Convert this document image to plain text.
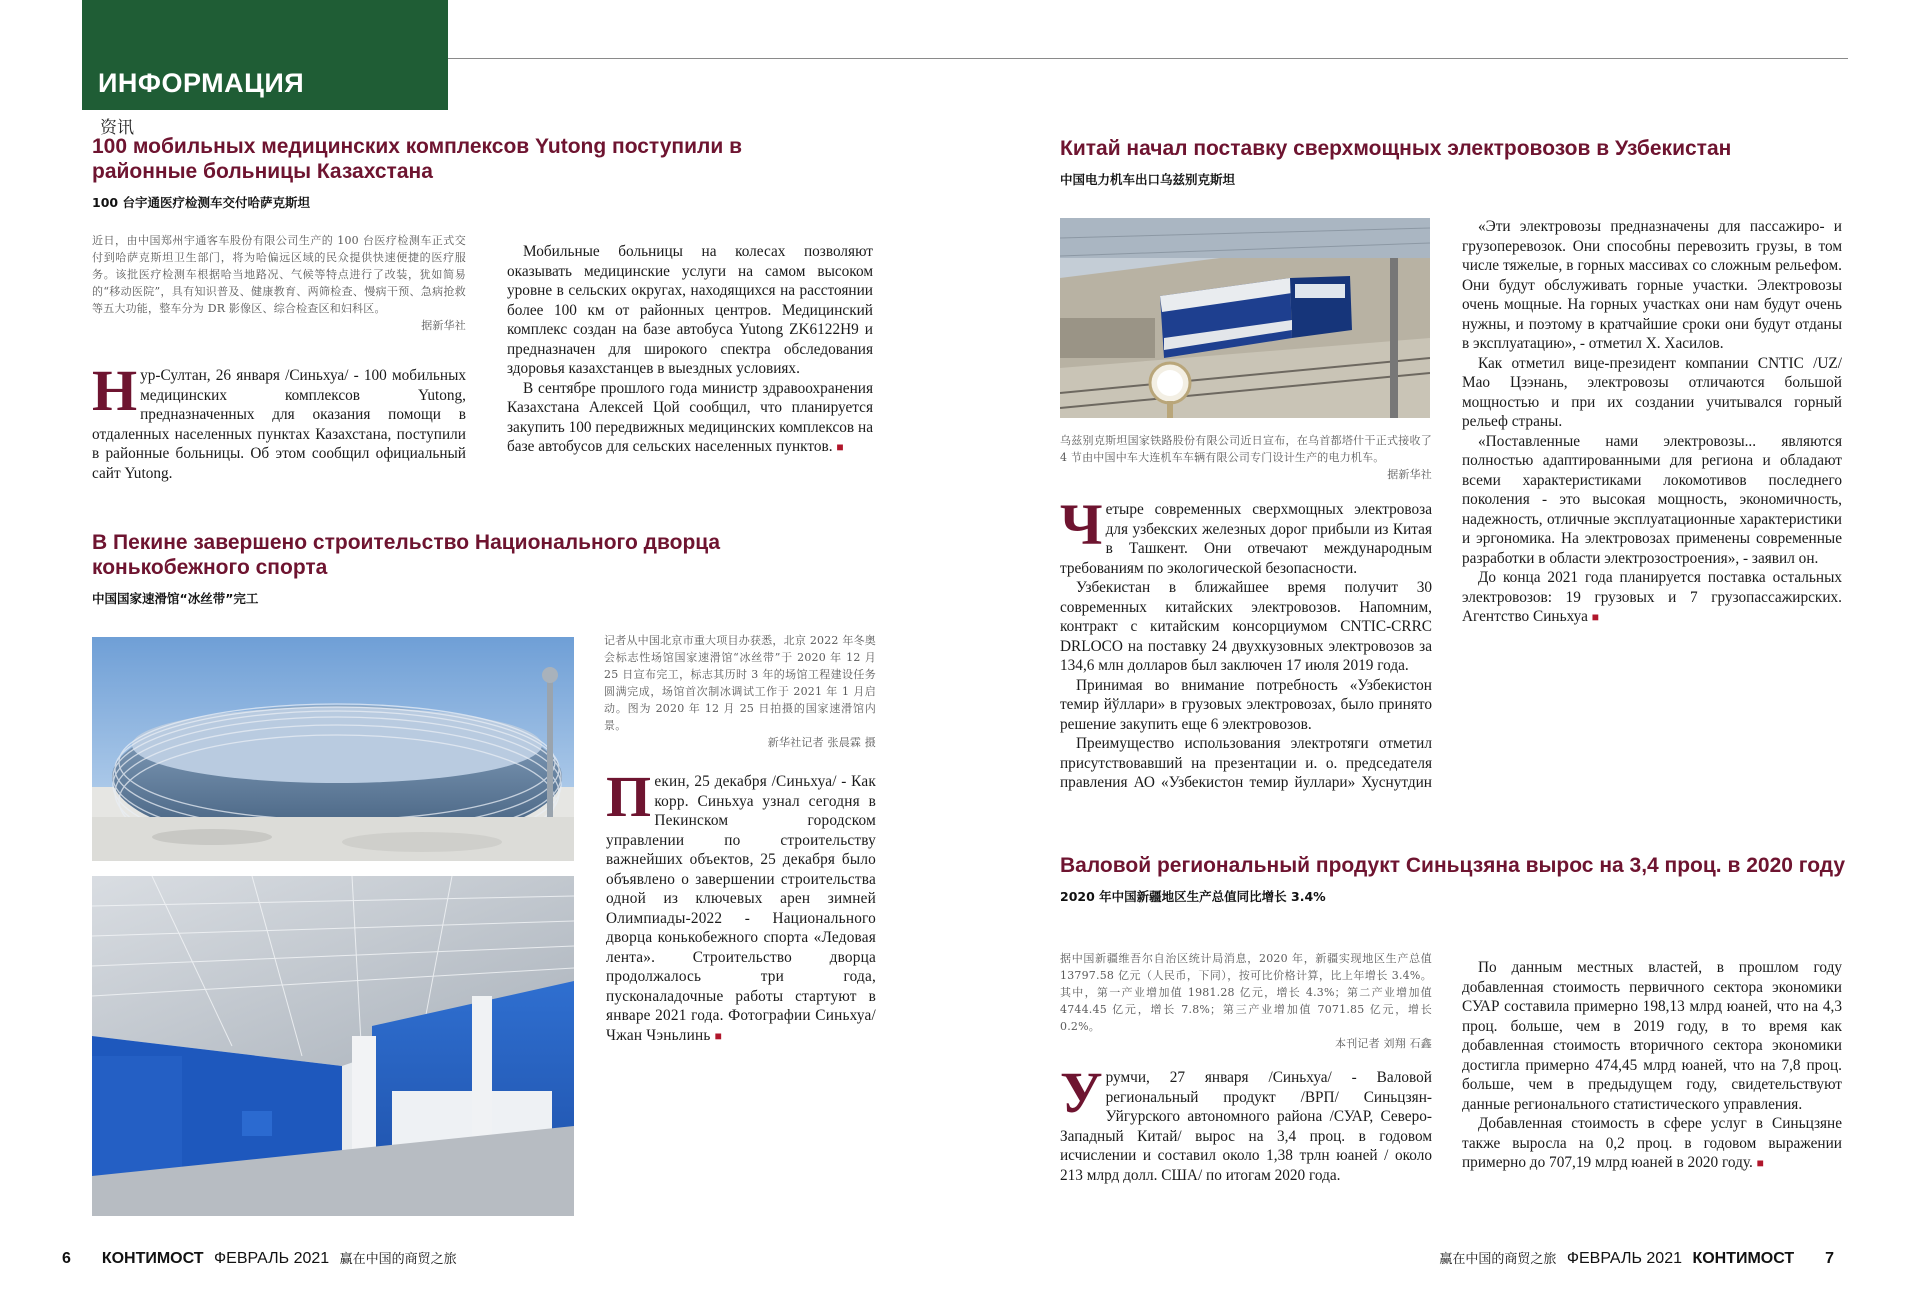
ИНФОРМАЦИЯ
资讯
100 мобильных медицинских комплексов Yutong поступили в районные больницы Казахстана
100 台宇通医疗检测车交付哈萨克斯坦

近日，由中国郑州宇通客车股份有限公司生产的 100 台医疗检测车正式交付到哈萨克斯坦卫生部门，将为哈偏远区域的民众提供快速便捷的医疗服务。该批医疗检测车根据哈当地路况、气候等特点进行了改装，犹如简易的“移动医院”，具有知识普及、健康教育、两筛检查、慢病干预、急病抢救等五大功能，整车分为 DR 影像区、综合检查区和妇科区。

据新华社

Нур-Султан, 26 января /Синьхуа/ - 100 мобильных медицинских комплексов Yutong, предназначенных для оказания помощи в отдаленных населенных пунктах Казахстана, поступили в районные больницы. Об этом сообщил официальный сайт Yutong.

Мобильные больницы на колесах позволяют оказывать медицинские услуги на самом высоком уровне в сельских округах, находящихся на расстоянии более 100 км от районных центров. Медицинский комплекс создан на базе автобуса Yutong ZK6122H9 и предназначен для широкого спектра обследования здоровья казахстанцев в выездных условиях.

В сентябре прошлого года министр здравоохранения Казахстана Алексей Цой сообщил, что планируется закупить 100 передвижных медицинских комплексов на базе автобусов для сельских населенных пунктов. ■

В Пекине завершено строительство Национального дворца конькобежного спорта
中国国家速滑馆“冰丝带”完工

记者从中国北京市重大项目办获悉，北京 2022 年冬奥会标志性场馆国家速滑馆“冰丝带”于 2020 年 12 月 25 日宣布完工，标志其历时 3 年的场馆工程建设任务圆满完成，场馆首次制冰调试工作于 2021 年 1 月启动。图为 2020 年 12 月 25 日拍摄的国家速滑馆内景。

新华社记者 张晨霖 摄

Пекин, 25 декабря /Синьхуа/ - Как корр. Синьхуа узнал сегодня в Пекинском городском управлении по строительству важнейших объектов, 25 декабря было объявлено о завершении строительства одной из ключевых арен зимней Олимпиады-2022 - Национального дворца конькобежного спорта «Ледовая лента». Строительство дворца продолжалось три года, пусконаладочные работы стартуют в январе 2021 года. Фотографии Синьхуа/Чжан Чэньлинь ■

Китай начал поставку сверхмощных электровозов в Узбекистан
中国电力机车出口乌兹别克斯坦

乌兹别克斯坦国家铁路股份有限公司近日宣布，在乌首都塔什干正式接收了 4 节由中国中车大连机车车辆有限公司专门设计生产的电力机车。

据新华社

Четыре современных сверхмощных электровоза для узбекских железных дорог прибыли из Китая в Ташкент. Они отвечают международным требованиям по экологической безопасности.

Узбекистан в ближайшее время получит 30 современных китайских электровозов. Напомним, контракт с китайским консорциумом CNTIC-CRRC DRLOCO на поставку 24 двухкузовных электровозов за 134,6 млн долларов был заключен 17 июля 2019 года.

Принимая во внимание потребность «Узбекистон темир йўллари» в грузовых электровозах, было принято решение закупить еще 6 электровозов.

Преимущество использования электротяги отметил присутствовавший на презентации и. о. председателя правления АО «Узбекистон темир йуллари» Хуснутдин

«Эти электровозы предназначены для пассажиро- и грузоперевозок. Они способны перевозить грузы, в том числе тяжелые, в горных массивах со сложным рельефом. Они будут обслуживать горные участки. Электровозы очень мощные. На горных участках они нам будут очень нужны, и поэтому в кратчайшие сроки они будут отданы в эксплуатацию», - отметил Х. Хасилов.

Как отметил вице-президент компании CNTIC /UZ/ Мао Цзэнань, электровозы отличаются большой мощностью и при их создании учитывался горный рельеф страны.

«Поставленные нами электровозы... являются полностью адаптированными для региона и обладают всеми характеристиками локомотивов последнего поколения - это высокая мощность, экономичность, надежность, отличные эксплуатационные характеристики и эргономика. На электровозах применены современные разработки в области электрозостроения», - заявил он.

До конца 2021 года планируется поставка остальных электровозов: 19 грузовых и 7 грузопассажирских. Агентство Синьхуа ■

Валовой региональный продукт Синьцзяна вырос на 3,4 проц. в 2020 году
2020 年中国新疆地区生产总值同比增长 3.4%

据中国新疆维吾尔自治区统计局消息，2020 年，新疆实现地区生产总值 13797.58 亿元（人民币，下同），按可比价格计算，比上年增长 3.4%。其中，第一产业增加值 1981.28 亿元，增长 4.3%；第二产业增加值 4744.45 亿元，增长 7.8%；第三产业增加值 7071.85 亿元，增长 0.2%。

本刊记者 刘翔 石鑫

Урумчи, 27 января /Синьхуа/ - Валовой региональный продукт /ВРП/ Синьцзян-Уйгурского автономного района /СУАР, Северо-Западный Китай/ вырос на 3,4 проц. в годовом исчислении и составил около 1,38 трлн юаней / около 213 млрд долл. США/ по итогам 2020 года.

По данным местных властей, в прошлом году добавленная стоимость первичного сектора экономики СУАР составила примерно 198,13 млрд юаней, что на 4,3 проц. больше, чем в 2019 году, в то время как добавленная стоимость вторичного сектора экономики достигла примерно 474,45 млрд юаней, что на 7,8 проц. больше, чем в предыдущем году, свидетельствуют данные регионального статистического управления.

Добавленная стоимость в сфере услуг в Синьцзяне также выросла на 0,2 проц. в годовом выражении примерно до 707,19 млрд юаней в 2020 году. ■

6 КОНТИМОСТ ФЕВРАЛЬ 2021 赢在中国的商贸之旅	赢在中国的商贸之旅 ФЕВРАЛЬ 2021 КОНТИМОСТ 7
